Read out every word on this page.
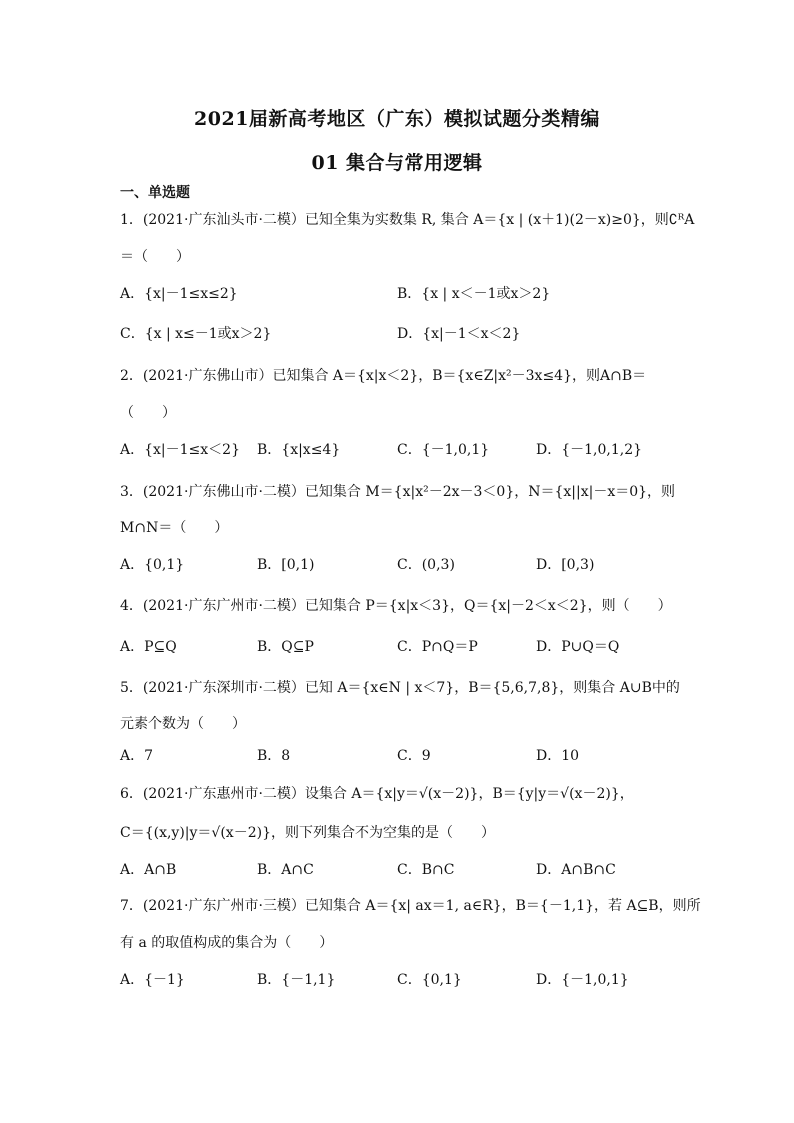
2021届新高考地区（广东）模拟试题分类精编
01 集合与常用逻辑
一、单选题
1．(2021·广东汕头市·二模）已知全集为实数集 R, 集合 A＝{x | (x＋1)(2－x)≥0}，则∁ᴿA
＝（　　）
A．{x|－1≤x≤2}	B．{x | x＜－1或x＞2}
C．{x | x≤－1或x＞2}	D．{x|－1＜x＜2}
2．(2021·广东佛山市）已知集合 A＝{x|x＜2}，B＝{x∈Z|x²－3x≤4}，则A∩B＝
（　　）
A．{x|－1≤x＜2} B．{x|x≤4}	C．{－1,0,1}	D．{－1,0,1,2}
3．(2021·广东佛山市·二模）已知集合 M＝{x|x²－2x－3＜0}，N＝{x||x|－x＝0}，则
M∩N＝（　　）
A．{0,1}	B．[0,1)	C．(0,3)	D．[0,3)
4．(2021·广东广州市·二模）已知集合 P＝{x|x＜3}，Q＝{x|－2＜x＜2}，则（　　）
A．P⊆Q	B．Q⊆P	C．P∩Q＝P	D．P∪Q＝Q
5．(2021·广东深圳市·二模）已知 A＝{x∈N | x＜7}，B＝{5,6,7,8}，则集合 A∪B中的
元素个数为（　　）
A．7	B．8	C．9	D．10
6．(2021·广东惠州市·二模）设集合 A＝{x|y＝√(x－2)}，B＝{y|y＝√(x－2)}，
C＝{(x,y)|y＝√(x－2)}，则下列集合不为空集的是（　　）
A．A∩B	B．A∩C	C．B∩C	D．A∩B∩C
7．(2021·广东广州市·三模）已知集合 A＝{x| ax＝1, a∈R}，B＝{－1,1}，若 A⊆B，则所
有 a 的取值构成的集合为（　　）
A．{－1}	B．{－1,1}	C．{0,1}	D．{－1,0,1}
